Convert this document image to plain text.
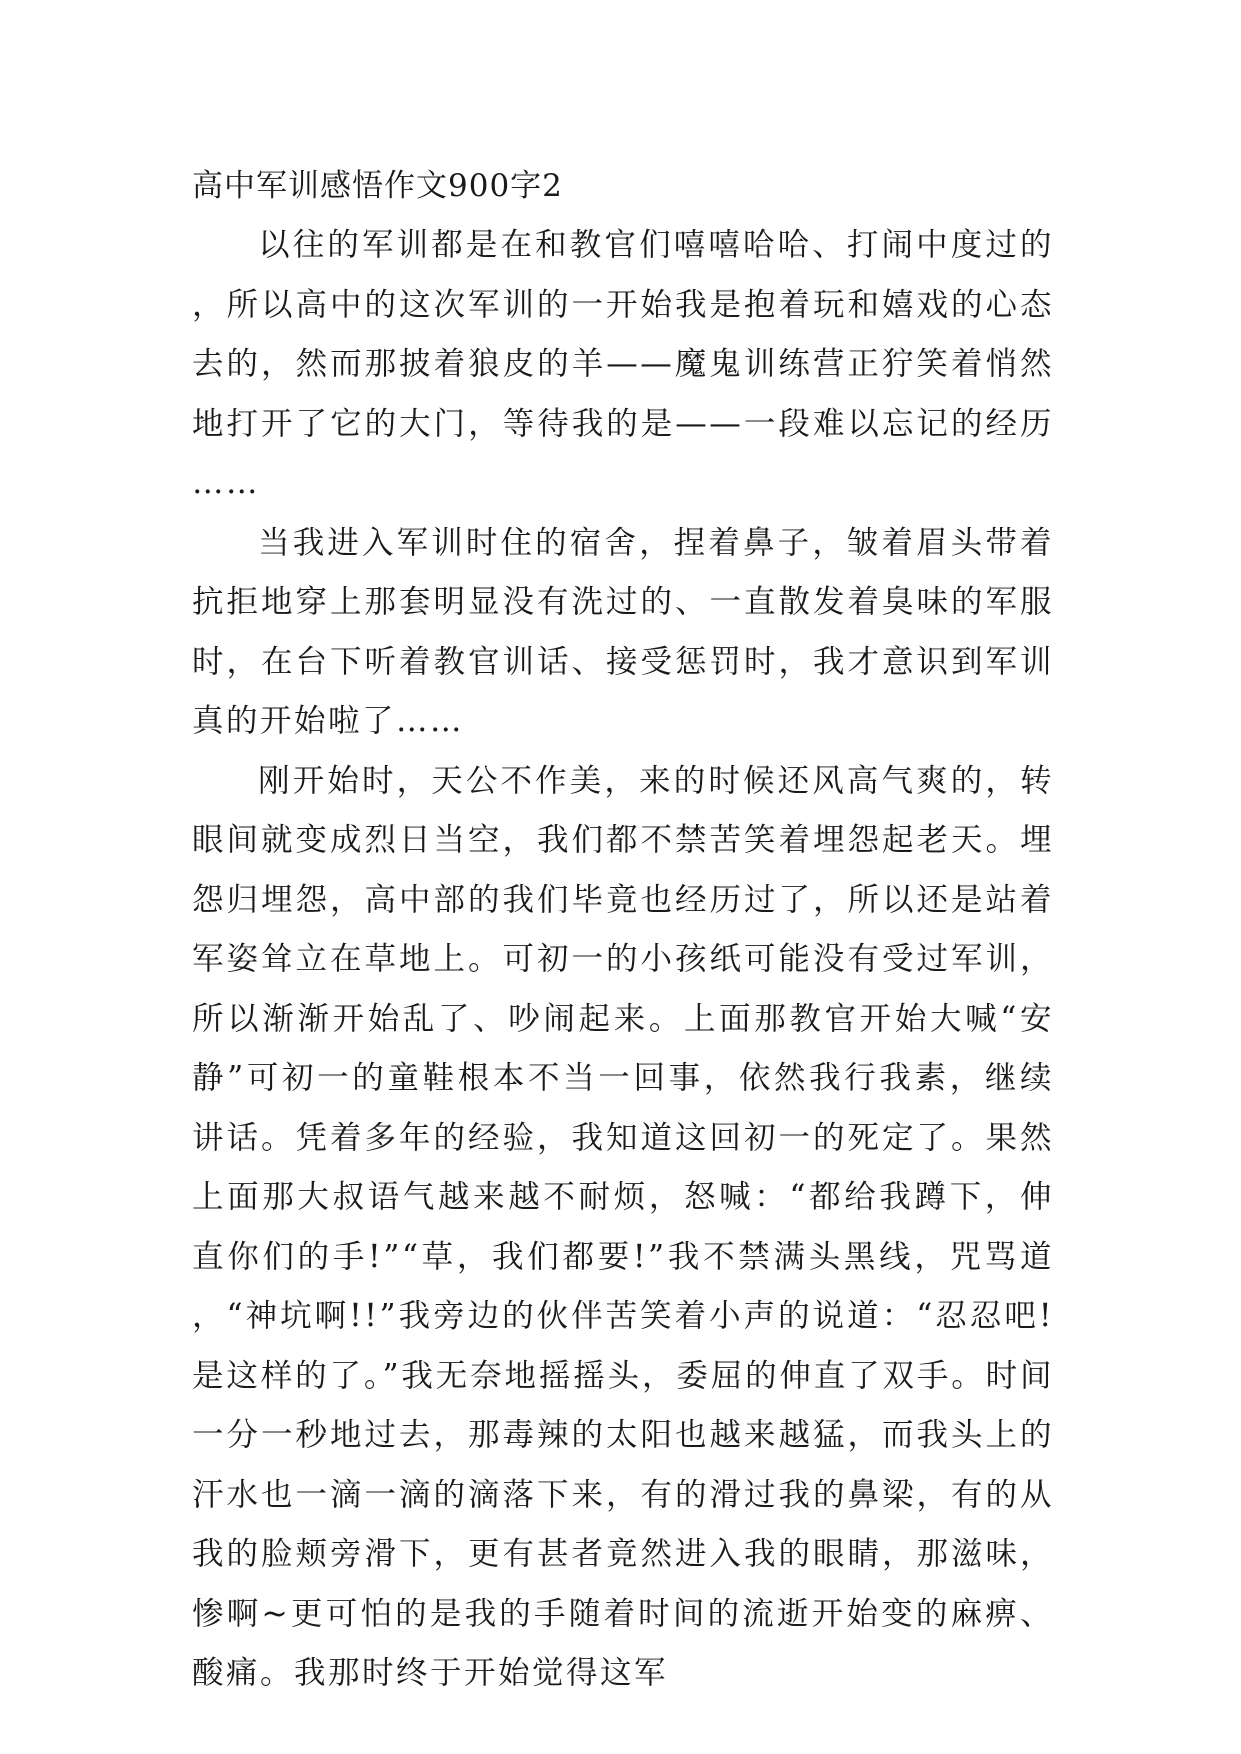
高中军训感悟作文900字2

以往的军训都是在和教官们嘻嘻哈哈、打闹中度过的，所以高中的这次军训的一开始我是抱着玩和嬉戏的心态去的，然而那披着狼皮的羊——魔鬼训练营正狞笑着悄然地打开了它的大门，等待我的是——一段难以忘记的经历……

当我进入军训时住的宿舍，捏着鼻子，皱着眉头带着抗拒地穿上那套明显没有洗过的、一直散发着臭味的军服时，在台下听着教官训话、接受惩罚时，我才意识到军训真的开始啦了……

刚开始时，天公不作美，来的时候还风高气爽的，转眼间就变成烈日当空，我们都不禁苦笑着埋怨起老天。埋怨归埋怨，高中部的我们毕竟也经历过了，所以还是站着军姿耸立在草地上。可初一的小孩纸可能没有受过军训，所以渐渐开始乱了、吵闹起来。上面那教官开始大喊“安静”可初一的童鞋根本不当一回事，依然我行我素，继续讲话。凭着多年的经验，我知道这回初一的死定了。果然上面那大叔语气越来越不耐烦，怒喊：“都给我蹲下，伸直你们的手!”“草，我们都要!”我不禁满头黑线，咒骂道，“神坑啊!!”我旁边的伙伴苦笑着小声的说道：“忍忍吧!是这样的了。”我无奈地摇摇头，委屈的伸直了双手。时间一分一秒地过去，那毒辣的太阳也越来越猛，而我头上的汗水也一滴一滴的滴落下来，有的滑过我的鼻梁，有的从我的脸颊旁滑下，更有甚者竟然进入我的眼睛，那滋味，惨啊~更可怕的是我的手随着时间的流逝开始变的麻痹、酸痛。我那时终于开始觉得这军
